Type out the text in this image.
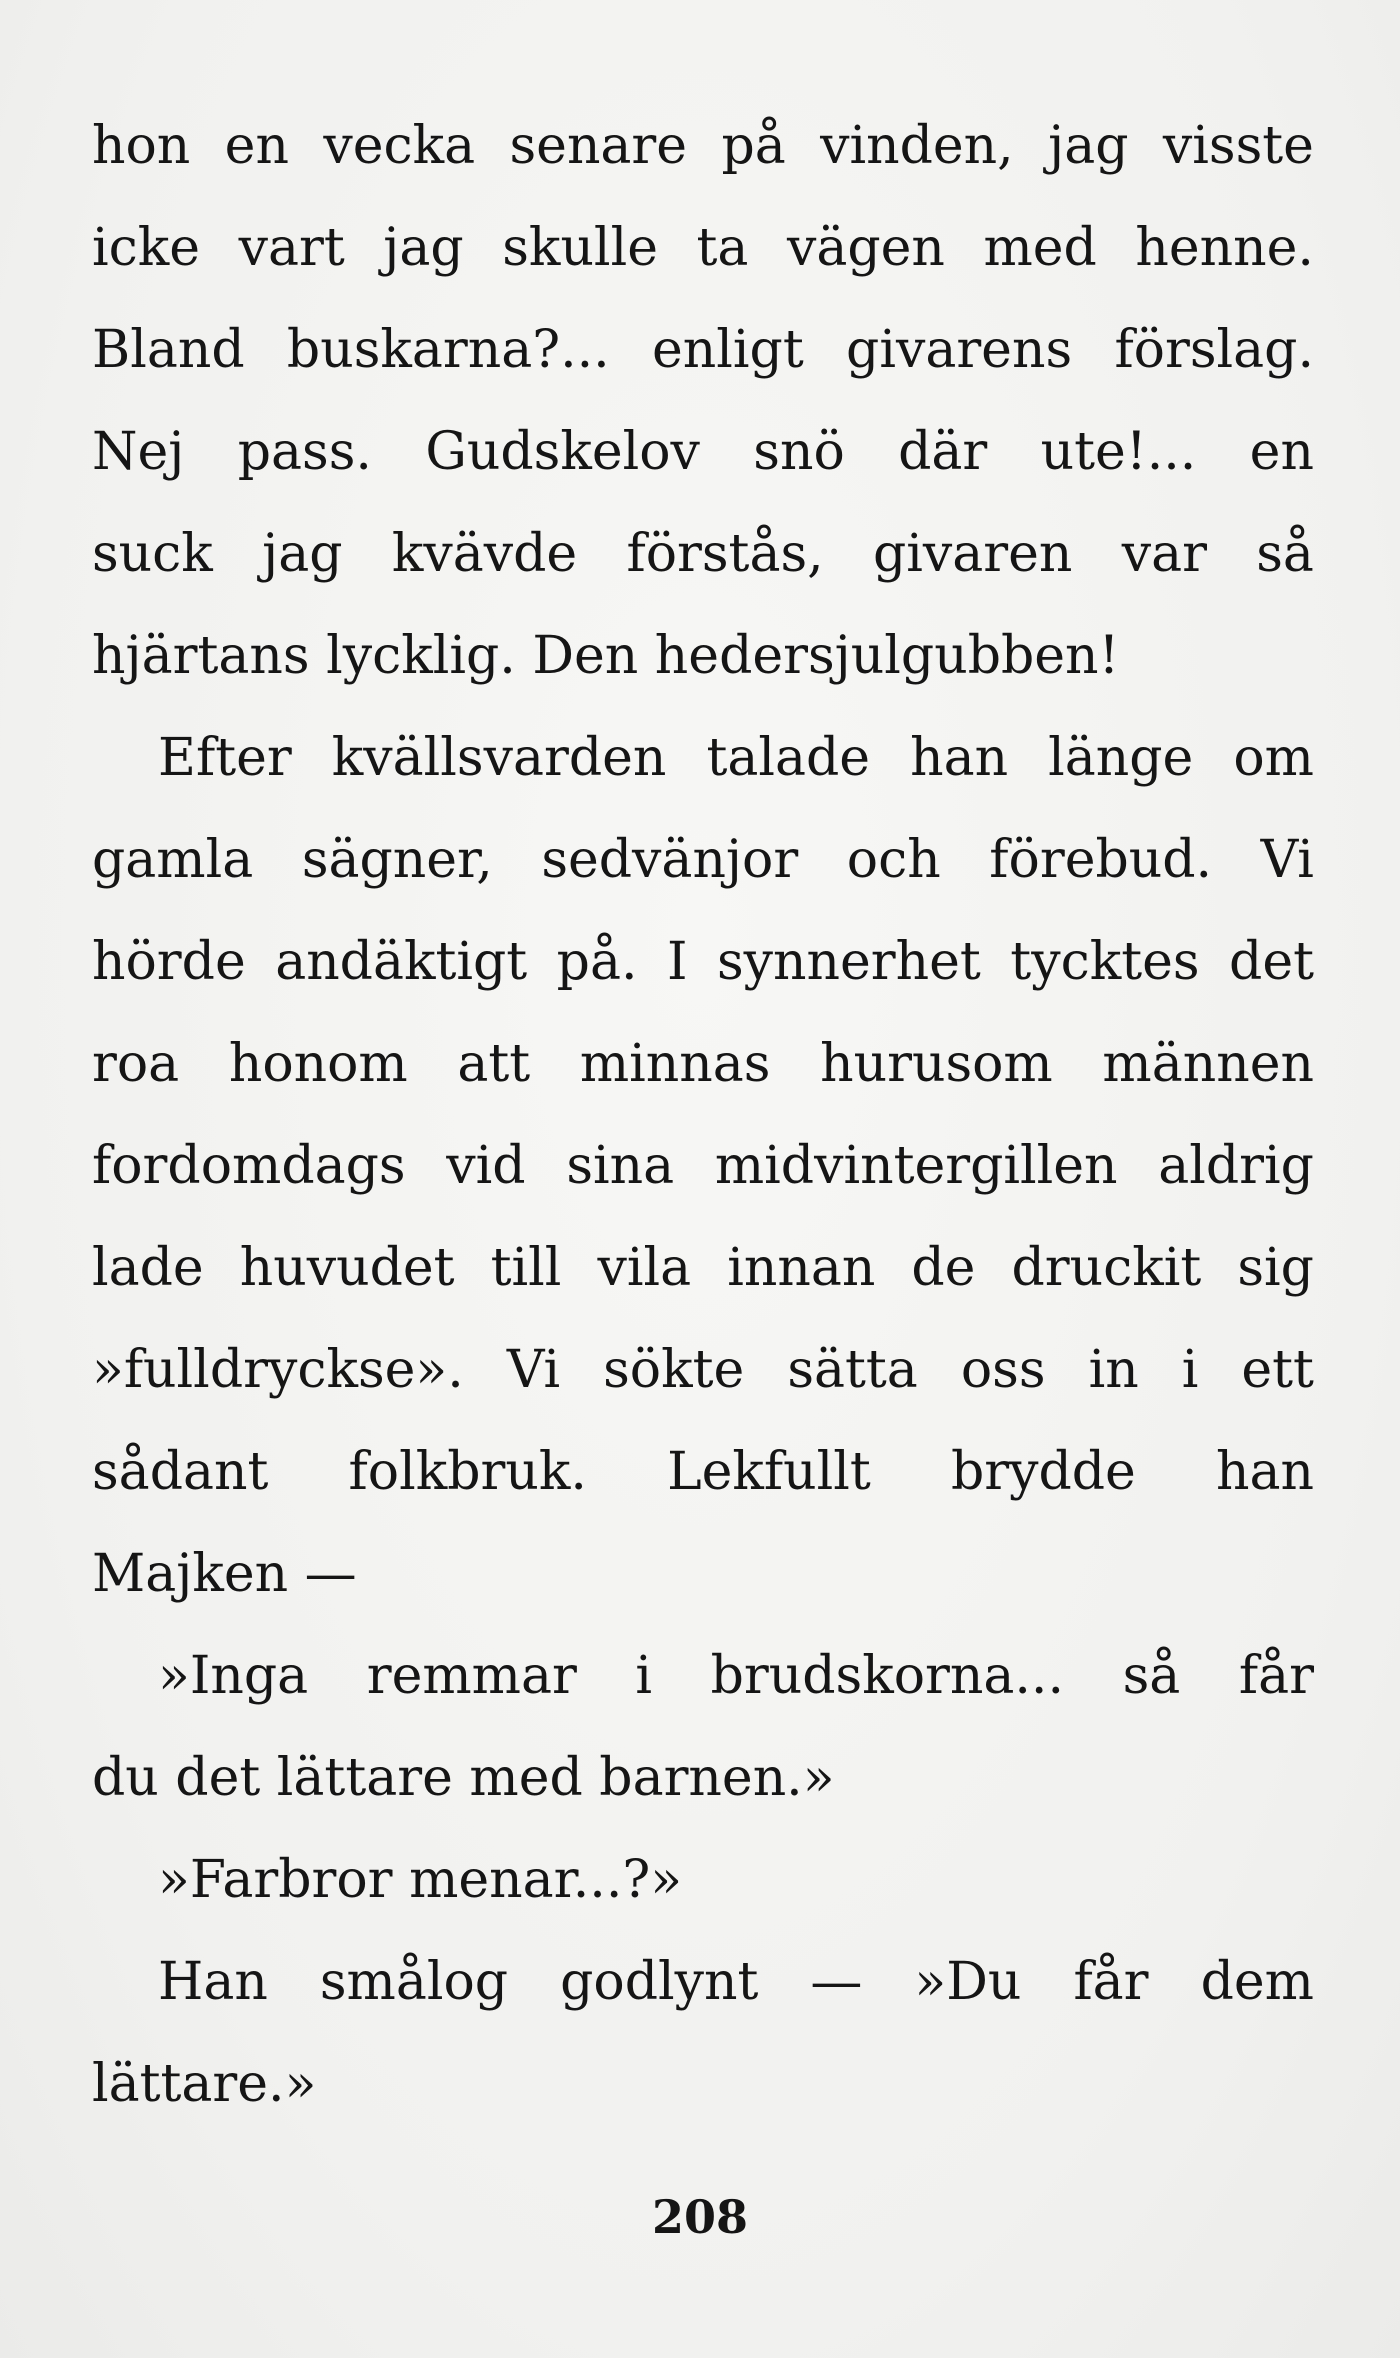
hon en vecka senare på vinden, jag visste
icke vart jag skulle ta vägen med henne.
Bland buskarna?... enligt givarens förslag.
Nej pass. Gudskelov snö där ute!... en
suck jag kvävde förstås, givaren var så
hjärtans lycklig. Den hedersjulgubben!
Efter kvällsvarden talade han länge om
gamla sägner, sedvänjor och förebud. Vi
hörde andäktigt på. I synnerhet tycktes det
roa honom att minnas hurusom männen
fordomdags vid sina midvintergillen aldrig
lade huvudet till vila innan de druckit sig
»fulldryckse». Vi sökte sätta oss in i ett
sådant folkbruk. Lekfullt brydde han
Majken —
»Inga remmar i brudskorna... så får
du det lättare med barnen.»
»Farbror menar...?»
Han smålog godlynt — »Du får dem
lättare.»
208
